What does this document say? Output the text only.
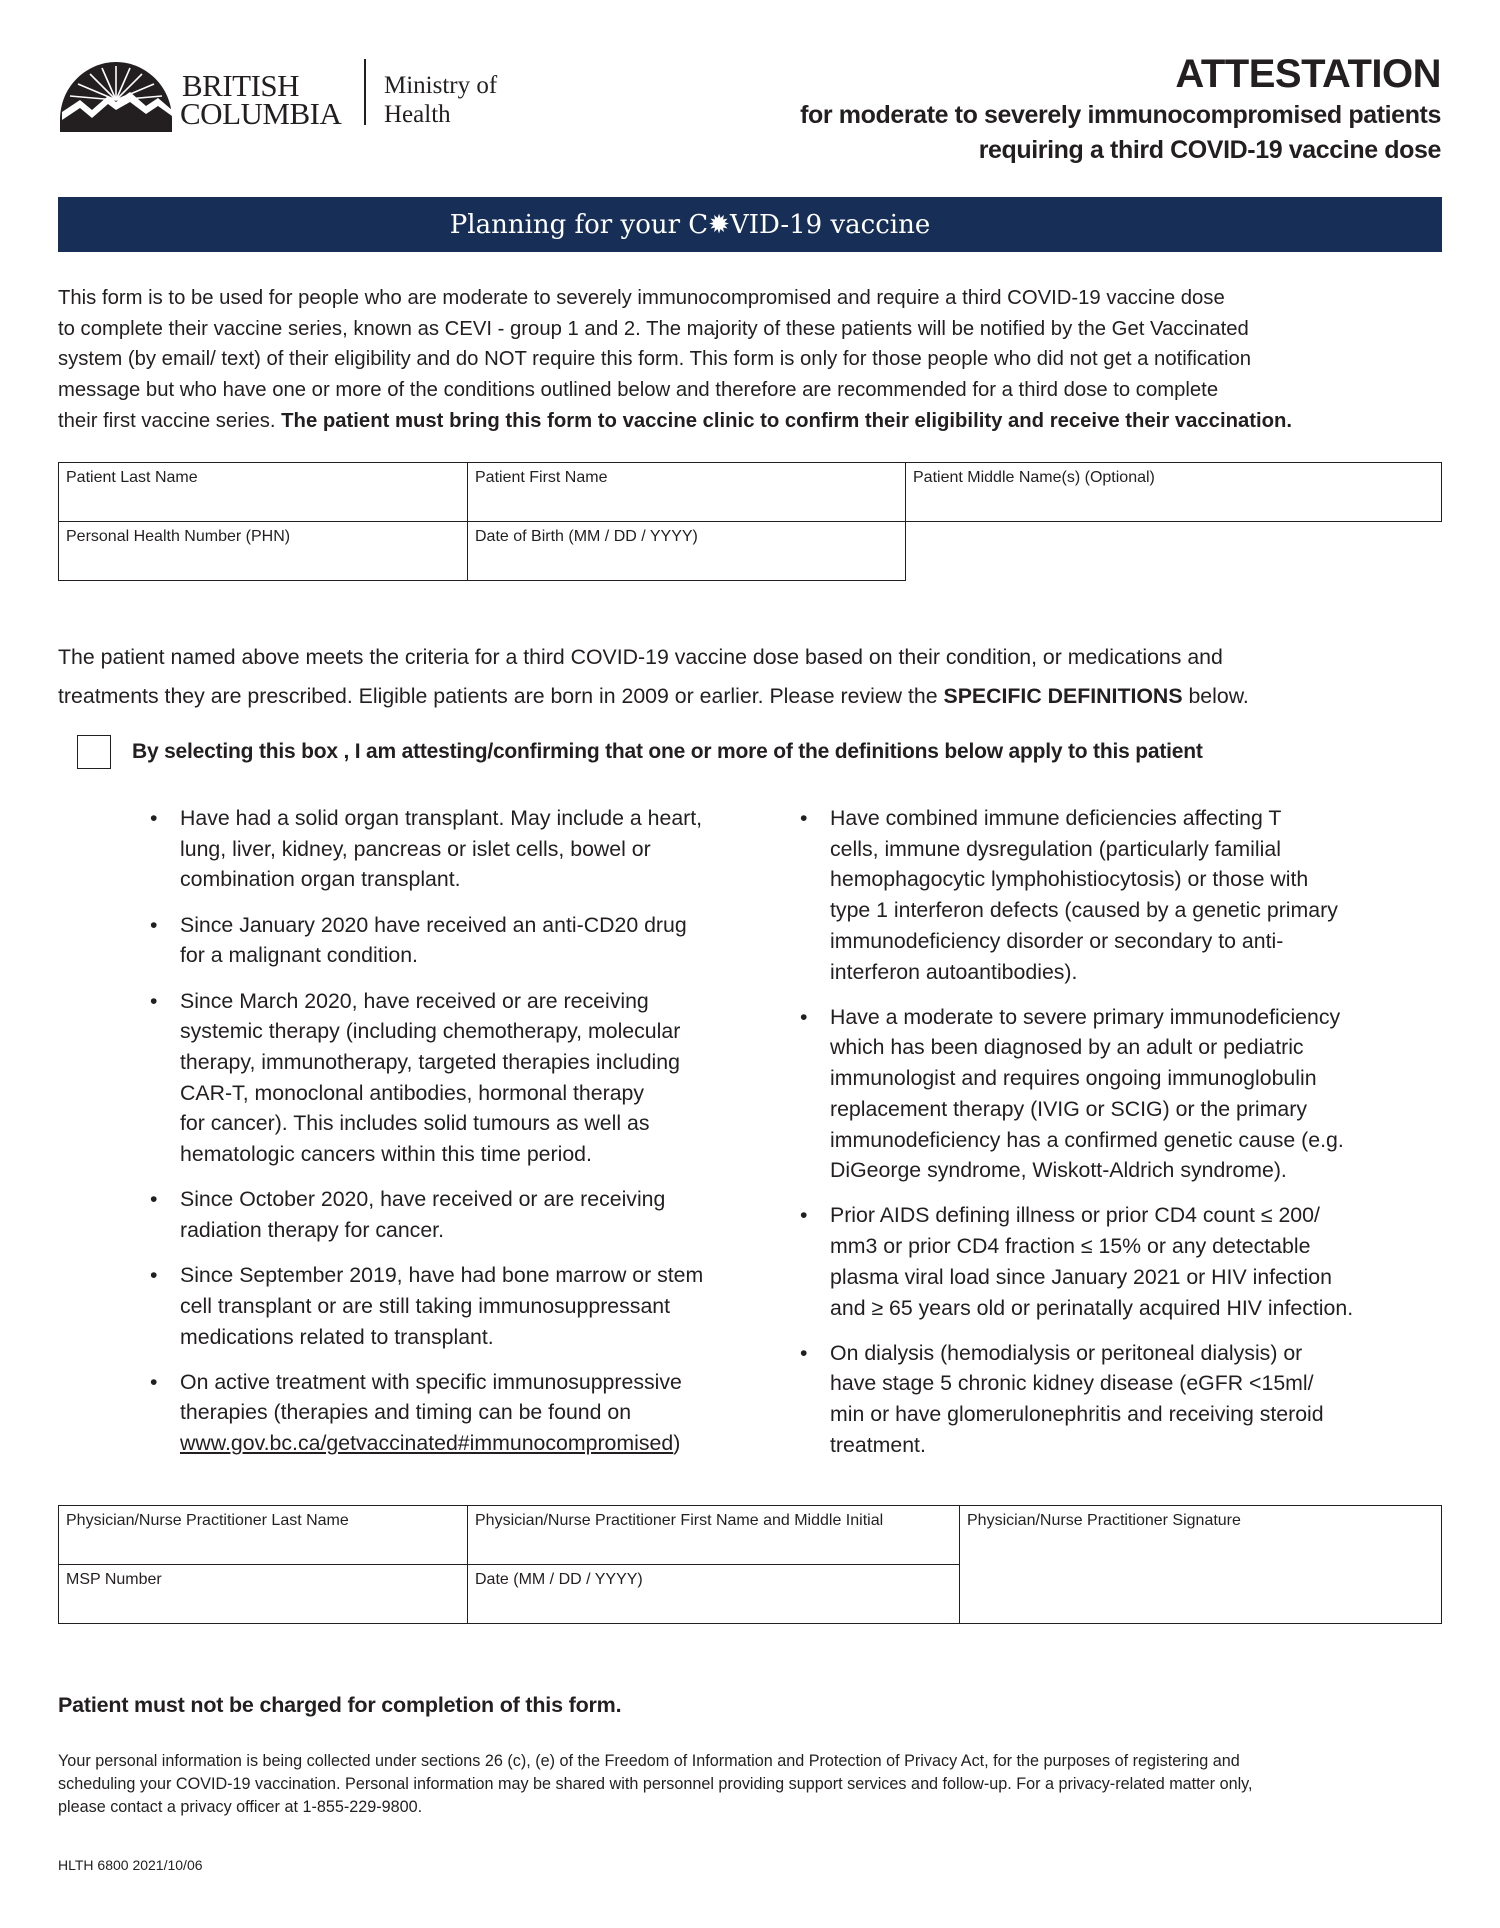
BRITISH
COLUMBIA
Ministry of
Health
ATTESTATION
for moderate to severely immunocompromised patients
requiring a third COVID-19 vaccine dose
Planning for your C✹VID-19 vaccine
This form is to be used for people who are moderate to severely immunocompromised and require a third COVID-19 vaccine dose
to complete their vaccine series, known as CEVI - group 1 and 2. The majority of these patients will be notified by the Get Vaccinated
system (by email/ text) of their eligibility and do NOT require this form. This form is only for those people who did not get a notification
message but who have one or more of the conditions outlined below and therefore are recommended for a third dose to complete
their first vaccine series. The patient must bring this form to vaccine clinic to confirm their eligibility and receive their vaccination.
Patient Last Name	Patient First Name	Patient Middle Name(s) (Optional)
Personal Health Number (PHN)	Date of Birth (MM / DD / YYYY)	
The patient named above meets the criteria for a third COVID-19 vaccine dose based on their condition, or medications and
treatments they are prescribed. Eligible patients are born in 2009 or earlier. Please review the SPECIFIC DEFINITIONS below.
By selecting this box , I am attesting/confirming that one or more of the definitions below apply to this patient
• Have had a solid organ transplant. May include a heart,
lung, liver, kidney, pancreas or islet cells, bowel or
combination organ transplant.
• Since January 2020 have received an anti-CD20 drug
for a malignant condition.
• Since March 2020, have received or are receiving
systemic therapy (including chemotherapy, molecular
therapy, immunotherapy, targeted therapies including
CAR-T, monoclonal antibodies, hormonal therapy
for cancer). This includes solid tumours as well as
hematologic cancers within this time period.
• Since October 2020, have received or are receiving
radiation therapy for cancer.
• Since September 2019, have had bone marrow or stem
cell transplant or are still taking immunosuppressant
medications related to transplant.
• On active treatment with specific immunosuppressive
therapies (therapies and timing can be found on
www.gov.bc.ca/getvaccinated#immunocompromised)
• Have combined immune deficiencies affecting T
cells, immune dysregulation (particularly familial
hemophagocytic lymphohistiocytosis) or those with
type 1 interferon defects (caused by a genetic primary
immunodeficiency disorder or secondary to anti-
interferon autoantibodies).
• Have a moderate to severe primary immunodeficiency
which has been diagnosed by an adult or pediatric
immunologist and requires ongoing immunoglobulin
replacement therapy (IVIG or SCIG) or the primary
immunodeficiency has a confirmed genetic cause (e.g.
DiGeorge syndrome, Wiskott-Aldrich syndrome).
• Prior AIDS defining illness or prior CD4 count ≤ 200/
mm3 or prior CD4 fraction ≤ 15% or any detectable
plasma viral load since January 2021 or HIV infection
and ≥ 65 years old or perinatally acquired HIV infection.
• On dialysis (hemodialysis or peritoneal dialysis) or
have stage 5 chronic kidney disease (eGFR <15ml/
min or have glomerulonephritis and receiving steroid
treatment.
Physician/Nurse Practitioner Last Name	Physician/Nurse Practitioner First Name and Middle Initial	Physician/Nurse Practitioner Signature
MSP Number	Date (MM / DD / YYYY)	
Patient must not be charged for completion of this form.
Your personal information is being collected under sections 26 (c), (e) of the Freedom of Information and Protection of Privacy Act, for the purposes of registering and
scheduling your COVID-19 vaccination. Personal information may be shared with personnel providing support services and follow-up. For a privacy-related matter only,
please contact a privacy officer at 1-855-229-9800.
HLTH 6800 2021/10/06
